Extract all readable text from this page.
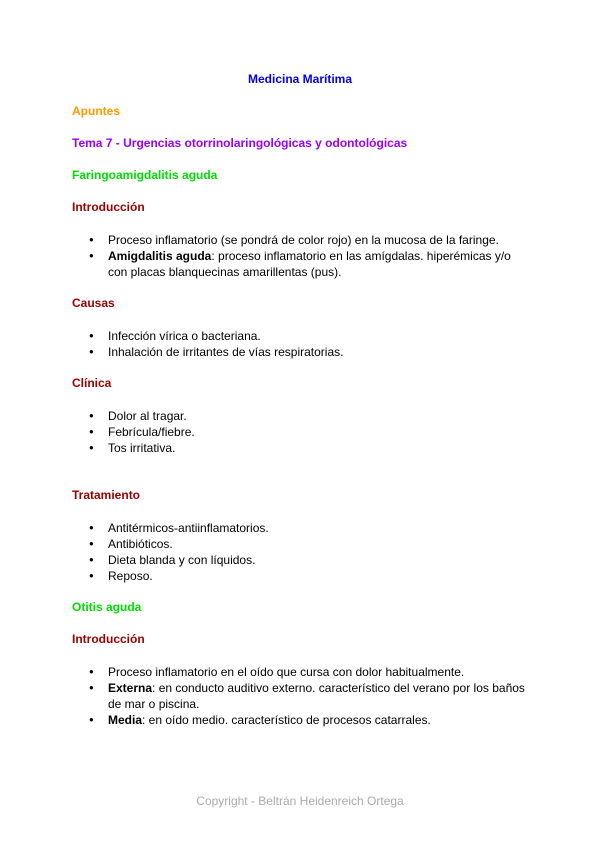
Medicina Marítima
Apuntes
Tema 7 - Urgencias otorrinolaringológicas y odontológicas
Faringoamigdalitis aguda
Introducción
● Proceso inflamatorio (se pondrá de color rojo) en la mucosa de la faringe.
● Amigdalitis aguda: proceso inflamatorio en las amígdalas. hiperémicas y/o con placas blanquecinas amarillentas (pus).
Causas
● Infección vírica o bacteriana.
● Inhalación de irritantes de vías respiratorias.
Clínica
● Dolor al tragar.
● Febrícula/fiebre.
● Tos irritativa.
Tratamiento
● Antitérmicos-antiinflamatorios.
● Antibióticos.
● Dieta blanda y con líquidos.
● Reposo.
Otitis aguda
Introducción
● Proceso inflamatorio en el oído que cursa con dolor habitualmente.
● Externa: en conducto auditivo externo. característico del verano por los baños de mar o piscina.
● Media: en oído medio. característico de procesos catarrales.
Copyright - Beltrán Heidenreich Ortega
